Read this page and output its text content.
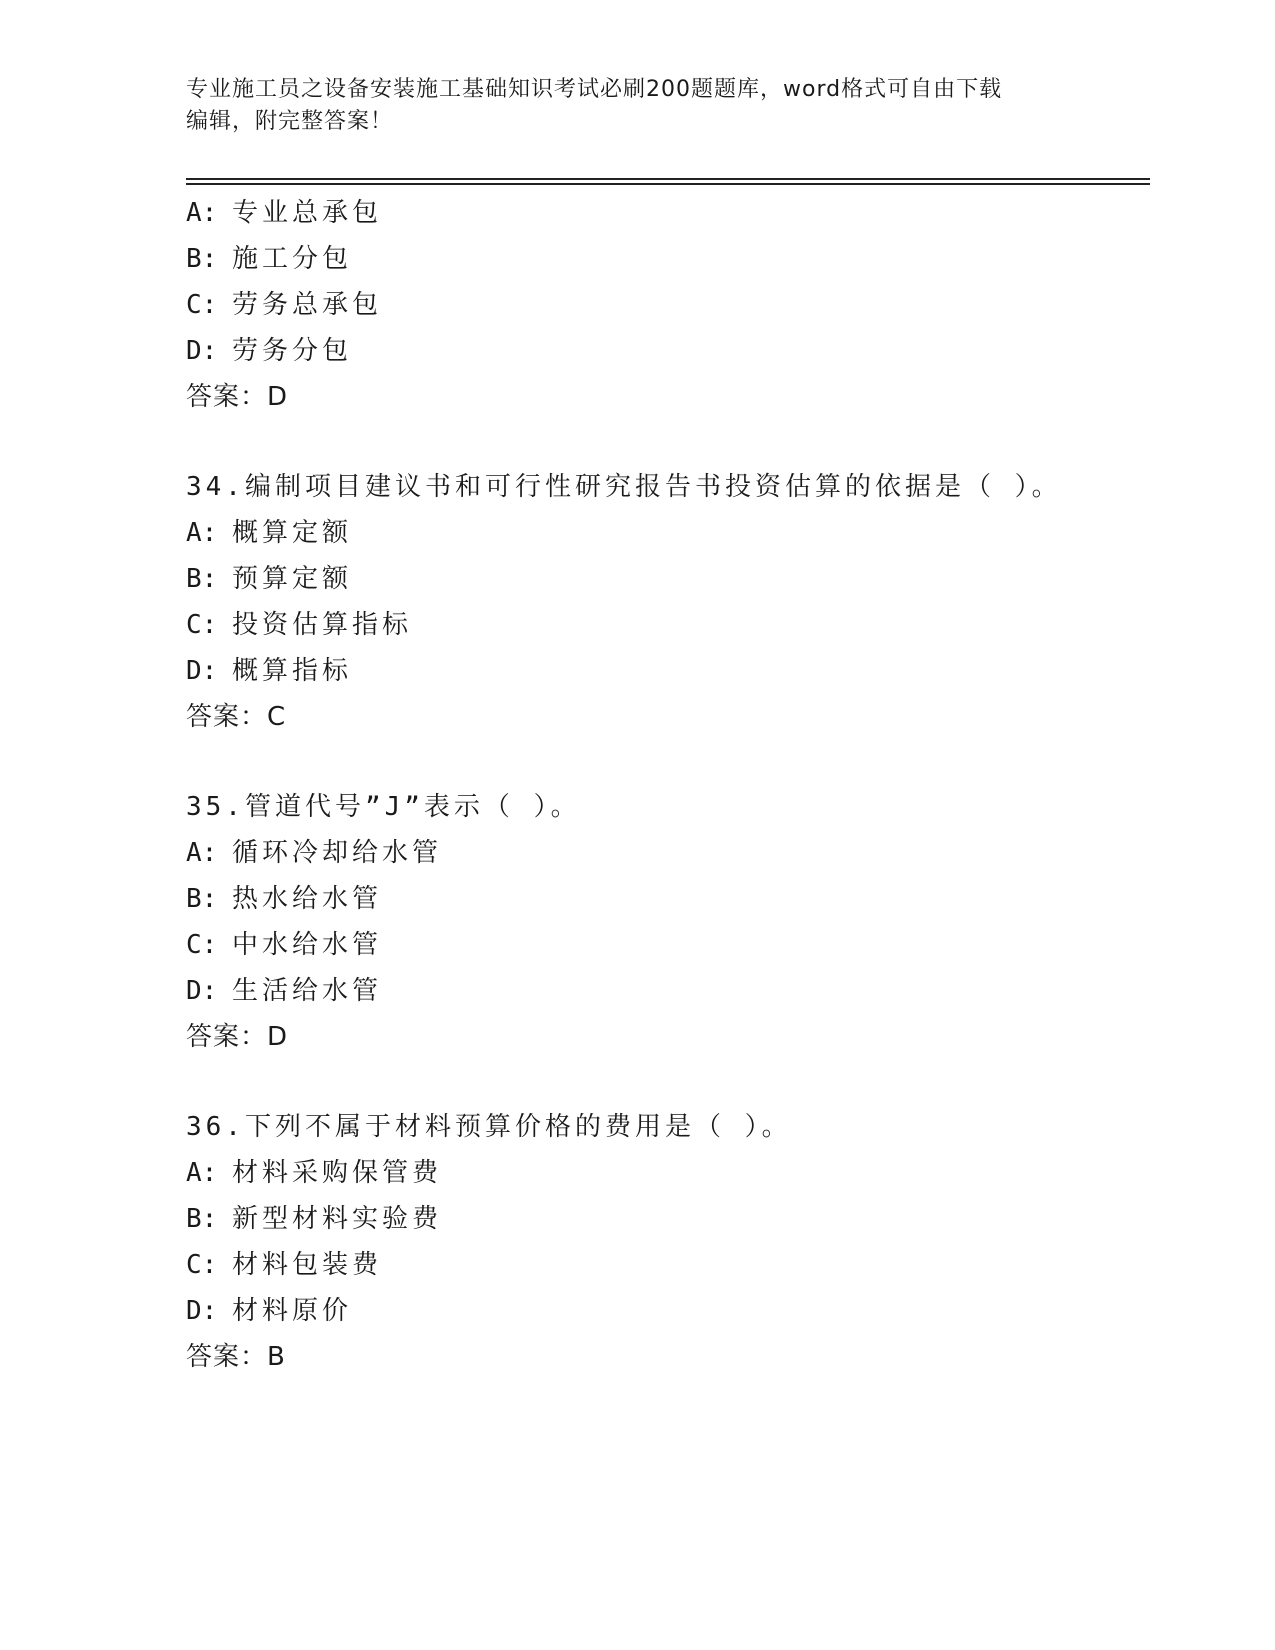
专业施工员之设备安装施工基础知识考试必刷200题题库，word格式可自由下载
编辑，附完整答案！
A: 专业总承包
B: 施工分包
C: 劳务总承包
D: 劳务分包
答案：D
34.编制项目建议书和可行性研究报告书投资估算的依据是（ ）。
A: 概算定额
B: 预算定额
C: 投资估算指标
D: 概算指标
答案：C
35.管道代号”J”表示（ ）。
A: 循环冷却给水管
B: 热水给水管
C: 中水给水管
D: 生活给水管
答案：D
36.下列不属于材料预算价格的费用是（ ）。
A: 材料采购保管费
B: 新型材料实验费
C: 材料包装费
D: 材料原价
答案：B
